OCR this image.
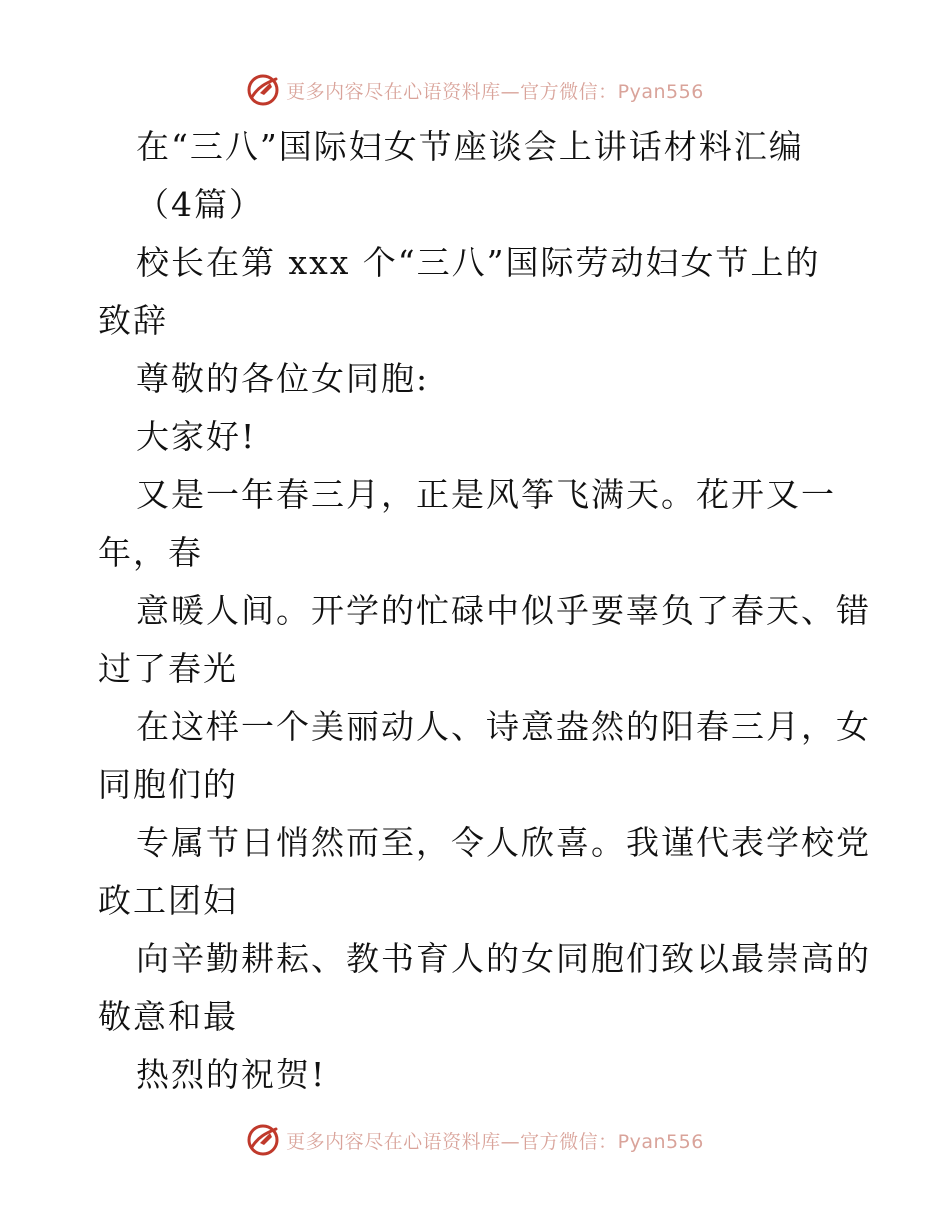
更多内容尽在心语资料库—官方微信：Pyan556
在“三八”国际妇女节座谈会上讲话材料汇编
（4篇）
校长在第 xxx 个“三八”国际劳动妇女节上的
致辞
尊敬的各位女同胞:
大家好!
又是一年春三月，正是风筝飞满天。花开又一
年，春
意暖人间。开学的忙碌中似乎要辜负了春天、错
过了春光
在这样一个美丽动人、诗意盎然的阳春三月，女
同胞们的
专属节日悄然而至，令人欣喜。我谨代表学校党
政工团妇
向辛勤耕耘、教书育人的女同胞们致以最崇高的
敬意和最
热烈的祝贺!
更多内容尽在心语资料库—官方微信：Pyan556
